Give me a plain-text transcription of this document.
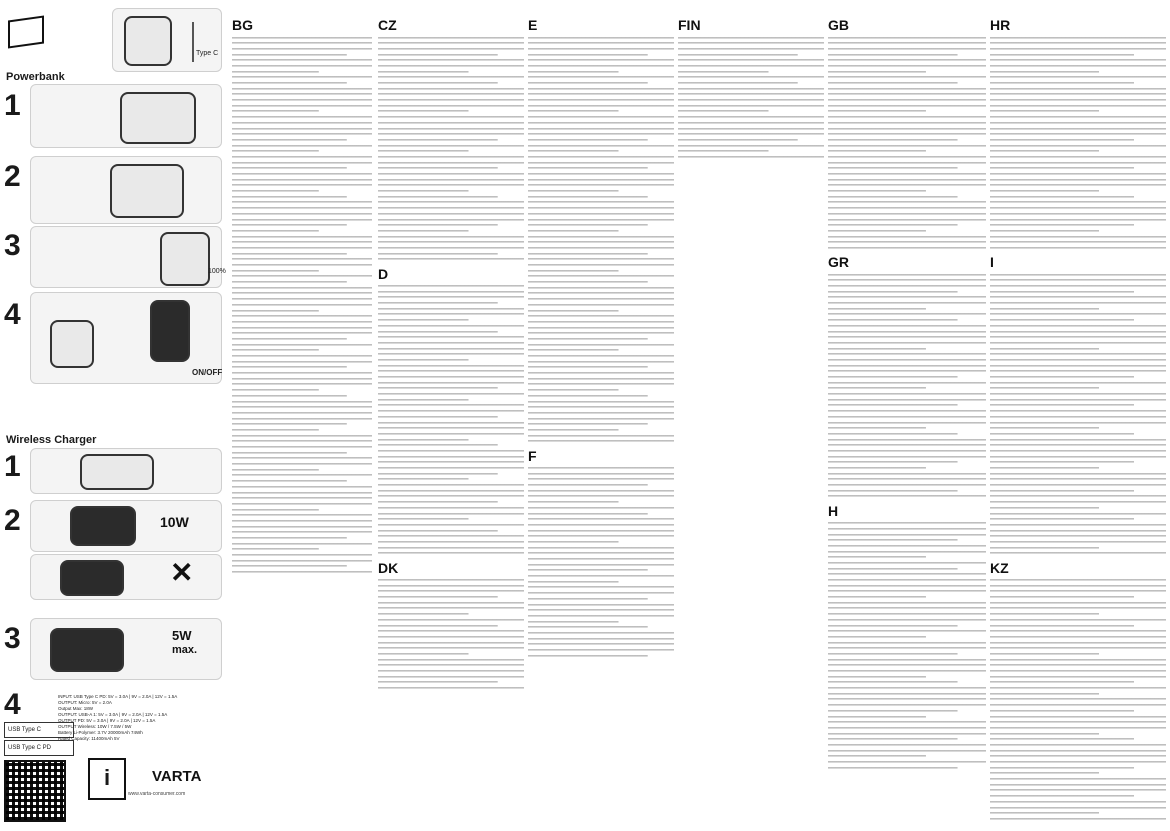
Type C
Powerbank
1
2
3
100%
4
ON/OFF
Wireless Charger
1
2	10W
✕
3	5W
max.
4
USB Type C
USB Type C PD
INPUT: USB Type C PD: 5V = 3.0A | 9V = 2.0A | 12V = 1.5A
OUTPUT: Micro: 5V = 2.0A
Output Max: 18W
OUTPUT: USB-A 1: 5V = 3.0A | 9V = 2.0A | 12V = 1.5A
OUTPUT PD: 5V = 3.0A | 9V = 2.0A | 12V = 1.5A
OUTPUT Wireless: 10W / 7.5W / 5W
Battery Li-Polymer: 3.7V 20000mAh 74Wh
Rated Capacity: 11400mAh 5V
i	VARTA
www.varta-consumer.com
BG	CZ
D
DK
E
F
FIN	GB
GR
H
HR
I
KZ
